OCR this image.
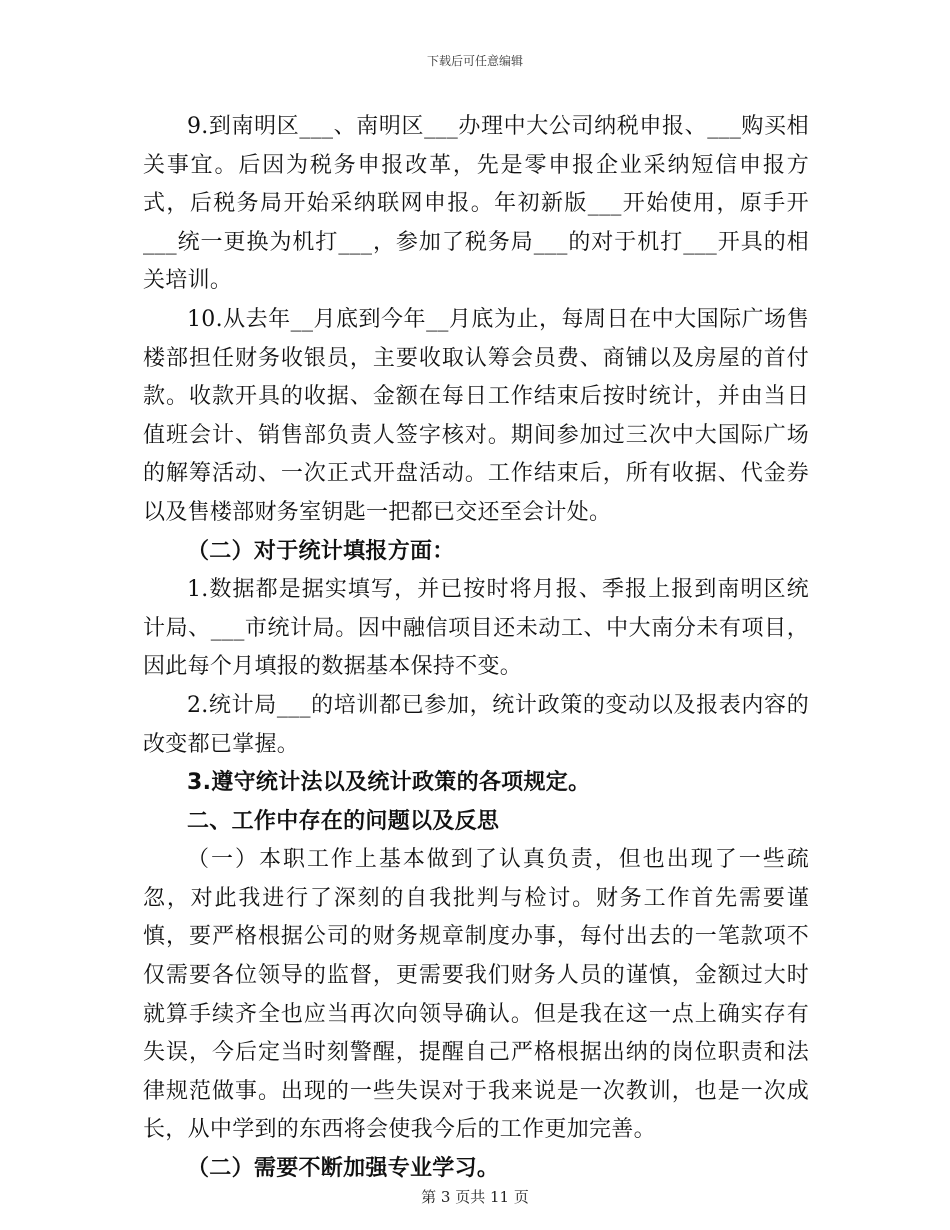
下载后可任意编辑

9.到南明区___、南明区___办理中大公司纳税申报、___购买相关事宜。后因为税务申报改革，先是零申报企业采纳短信申报方式，后税务局开始采纳联网申报。年初新版___开始使用，原手开___统一更换为机打___，参加了税务局___的对于机打___开具的相关培训。

10.从去年__月底到今年__月底为止，每周日在中大国际广场售楼部担任财务收银员，主要收取认筹会员费、商铺以及房屋的首付款。收款开具的收据、金额在每日工作结束后按时统计，并由当日值班会计、销售部负责人签字核对。期间参加过三次中大国际广场的解筹活动、一次正式开盘活动。工作结束后，所有收据、代金券以及售楼部财务室钥匙一把都已交还至会计处。

（二）对于统计填报方面：

1.数据都是据实填写，并已按时将月报、季报上报到南明区统计局、___市统计局。因中融信项目还未动工、中大南分未有项目，因此每个月填报的数据基本保持不变。

2.统计局___的培训都已参加，统计政策的变动以及报表内容的改变都已掌握。

3.遵守统计法以及统计政策的各项规定。

二、工作中存在的问题以及反思

（一）本职工作上基本做到了认真负责，但也出现了一些疏忽，对此我进行了深刻的自我批判与检讨。财务工作首先需要谨慎，要严格根据公司的财务规章制度办事，每付出去的一笔款项不仅需要各位领导的监督，更需要我们财务人员的谨慎，金额过大时就算手续齐全也应当再次向领导确认。但是我在这一点上确实存有失误，今后定当时刻警醒，提醒自己严格根据出纳的岗位职责和法律规范做事。出现的一些失误对于我来说是一次教训，也是一次成长，从中学到的东西将会使我今后的工作更加完善。

（二）需要不断加强专业学习。

第 3 页共 11 页
